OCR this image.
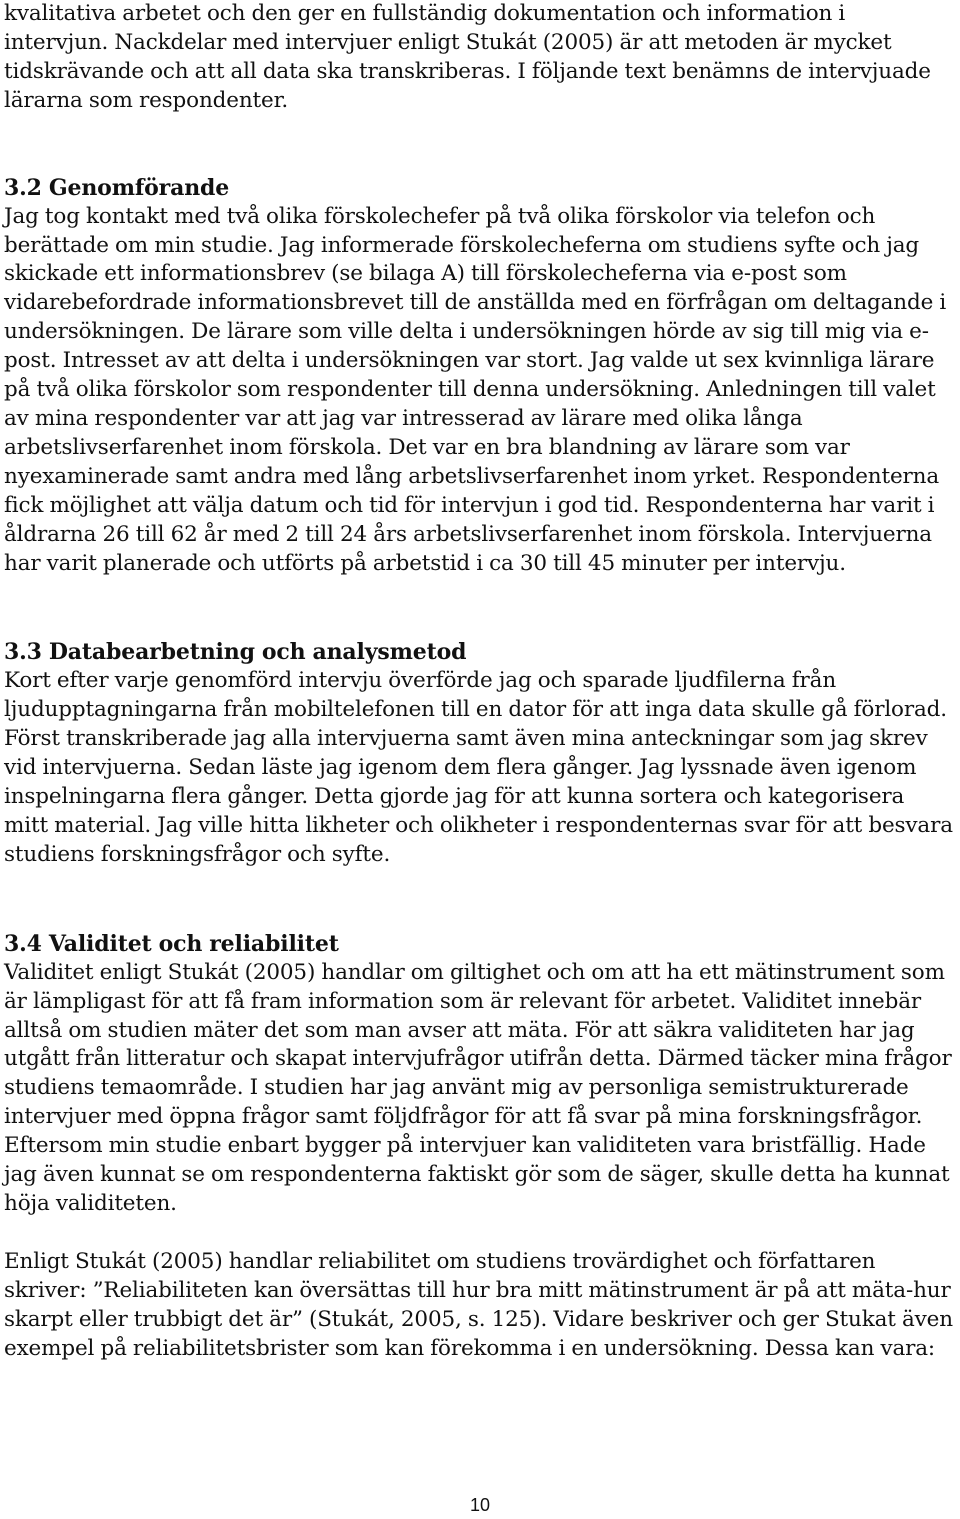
kvalitativa arbetet och den ger en fullständig dokumentation och information i intervjun. Nackdelar med intervjuer enligt Stukát (2005) är att metoden är mycket tidskrävande och att all data ska transkriberas. I följande text benämns de intervjuade lärarna som respondenter.

3.2 Genomförande

Jag tog kontakt med två olika förskolechefer på två olika förskolor via telefon och berättade om min studie. Jag informerade förskolecheferna om studiens syfte och jag skickade ett informationsbrev (se bilaga A) till förskolecheferna via e-post som vidarebefordrade informationsbrevet till de anställda med en förfrågan om deltagande i undersökningen. De lärare som ville delta i undersökningen hörde av sig till mig via e-post. Intresset av att delta i undersökningen var stort. Jag valde ut sex kvinnliga lärare på två olika förskolor som respondenter till denna undersökning. Anledningen till valet av mina respondenter var att jag var intresserad av lärare med olika långa arbetslivserfarenhet inom förskola. Det var en bra blandning av lärare som var nyexaminerade samt andra med lång arbetslivserfarenhet inom yrket. Respondenterna fick möjlighet att välja datum och tid för intervjun i god tid. Respondenterna har varit i åldrarna 26 till 62 år med 2 till 24 års arbetslivserfarenhet inom förskola. Intervjuerna har varit planerade och utförts på arbetstid i ca 30 till 45 minuter per intervju.

3.3 Databearbetning och analysmetod

Kort efter varje genomförd intervju överförde jag och sparade ljudfilerna från ljudupptagningarna från mobiltelefonen till en dator för att inga data skulle gå förlorad. Först transkriberade jag alla intervjuerna samt även mina anteckningar som jag skrev vid intervjuerna. Sedan läste jag igenom dem flera gånger. Jag lyssnade även igenom inspelningarna flera gånger. Detta gjorde jag för att kunna sortera och kategorisera mitt material. Jag ville hitta likheter och olikheter i respondenternas svar för att besvara studiens forskningsfrågor och syfte.

3.4 Validitet och reliabilitet

Validitet enligt Stukát (2005) handlar om giltighet och om att ha ett mätinstrument som är lämpligast för att få fram information som är relevant för arbetet. Validitet innebär alltså om studien mäter det som man avser att mäta. För att säkra validiteten har jag utgått från litteratur och skapat intervjufrågor utifrån detta. Därmed täcker mina frågor studiens temaområde. I studien har jag använt mig av personliga semistrukturerade intervjuer med öppna frågor samt följdfrågor för att få svar på mina forskningsfrågor. Eftersom min studie enbart bygger på intervjuer kan validiteten vara bristfällig. Hade jag även kunnat se om respondenterna faktiskt gör som de säger, skulle detta ha kunnat höja validiteten.

Enligt Stukát (2005) handlar reliabilitet om studiens trovärdighet och författaren skriver: ”Reliabiliteten kan översättas till hur bra mitt mätinstrument är på att mäta-hur skarpt eller trubbigt det är” (Stukát, 2005, s. 125). Vidare beskriver och ger Stukat även exempel på reliabilitetsbrister som kan förekomma i en undersökning. Dessa kan vara:

10
